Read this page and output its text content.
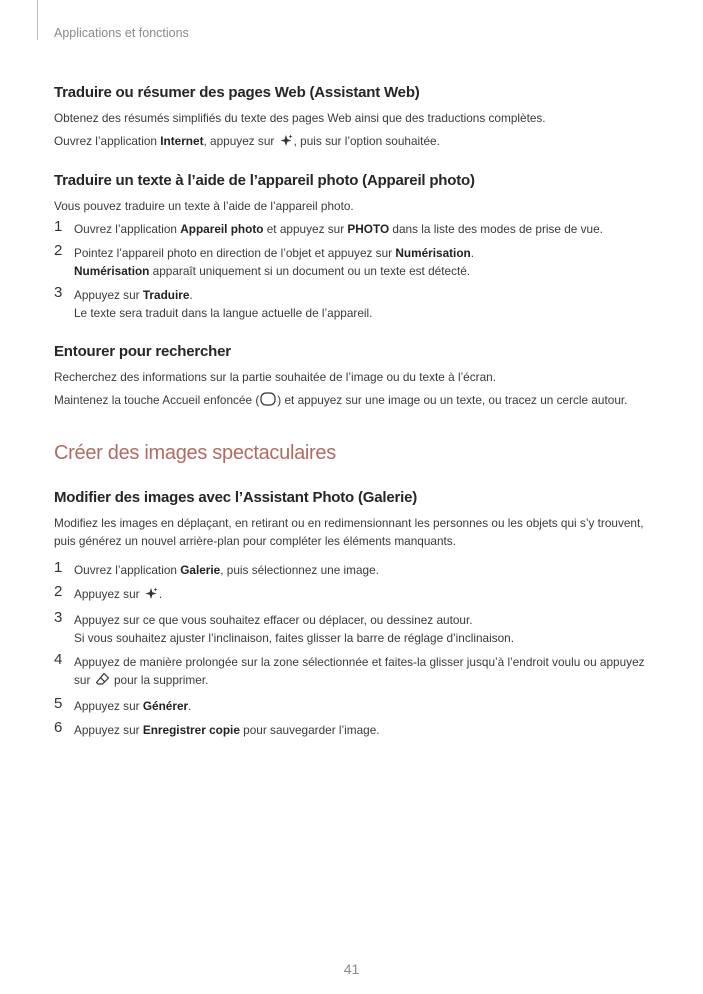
Applications et fonctions
Traduire ou résumer des pages Web (Assistant Web)

Obtenez des résumés simplifiés du texte des pages Web ainsi que des traductions complètes.

Ouvrez l’application Internet, appuyez sur , puis sur l’option souhaitée.

Traduire un texte à l’aide de l’appareil photo (Appareil photo)

Vous pouvez traduire un texte à l’aide de l’appareil photo.

1 Ouvrez l’application Appareil photo et appuyez sur PHOTO dans la liste des modes de prise de vue.

2 Pointez l’appareil photo en direction de l’objet et appuyez sur Numérisation.

Numérisation apparaît uniquement si un document ou un texte est détecté.

3 Appuyez sur Traduire.

Le texte sera traduit dans la langue actuelle de l’appareil.

Entourer pour rechercher

Recherchez des informations sur la partie souhaitée de l’image ou du texte à l’écran.

Maintenez la touche Accueil enfoncée ( ) et appuyez sur une image ou un texte, ou tracez un cercle autour.

Créer des images spectaculaires
Modifier des images avec l’Assistant Photo (Galerie)

Modifiez les images en déplaçant, en retirant ou en redimensionnant les personnes ou les objets qui s’y trouvent, puis générez un nouvel arrière-plan pour compléter les éléments manquants.

1 Ouvrez l’application Galerie, puis sélectionnez une image.

2 Appuyez sur .

3 Appuyez sur ce que vous souhaitez effacer ou déplacer, ou dessinez autour.

Si vous souhaitez ajuster l’inclinaison, faites glisser la barre de réglage d’inclinaison.

4 Appuyez de manière prolongée sur la zone sélectionnée et faites-la glisser jusqu’à l’endroit voulu ou appuyez sur  pour la supprimer.

5 Appuyez sur Générer.

6 Appuyez sur Enregistrer copie pour sauvegarder l’image.

41
